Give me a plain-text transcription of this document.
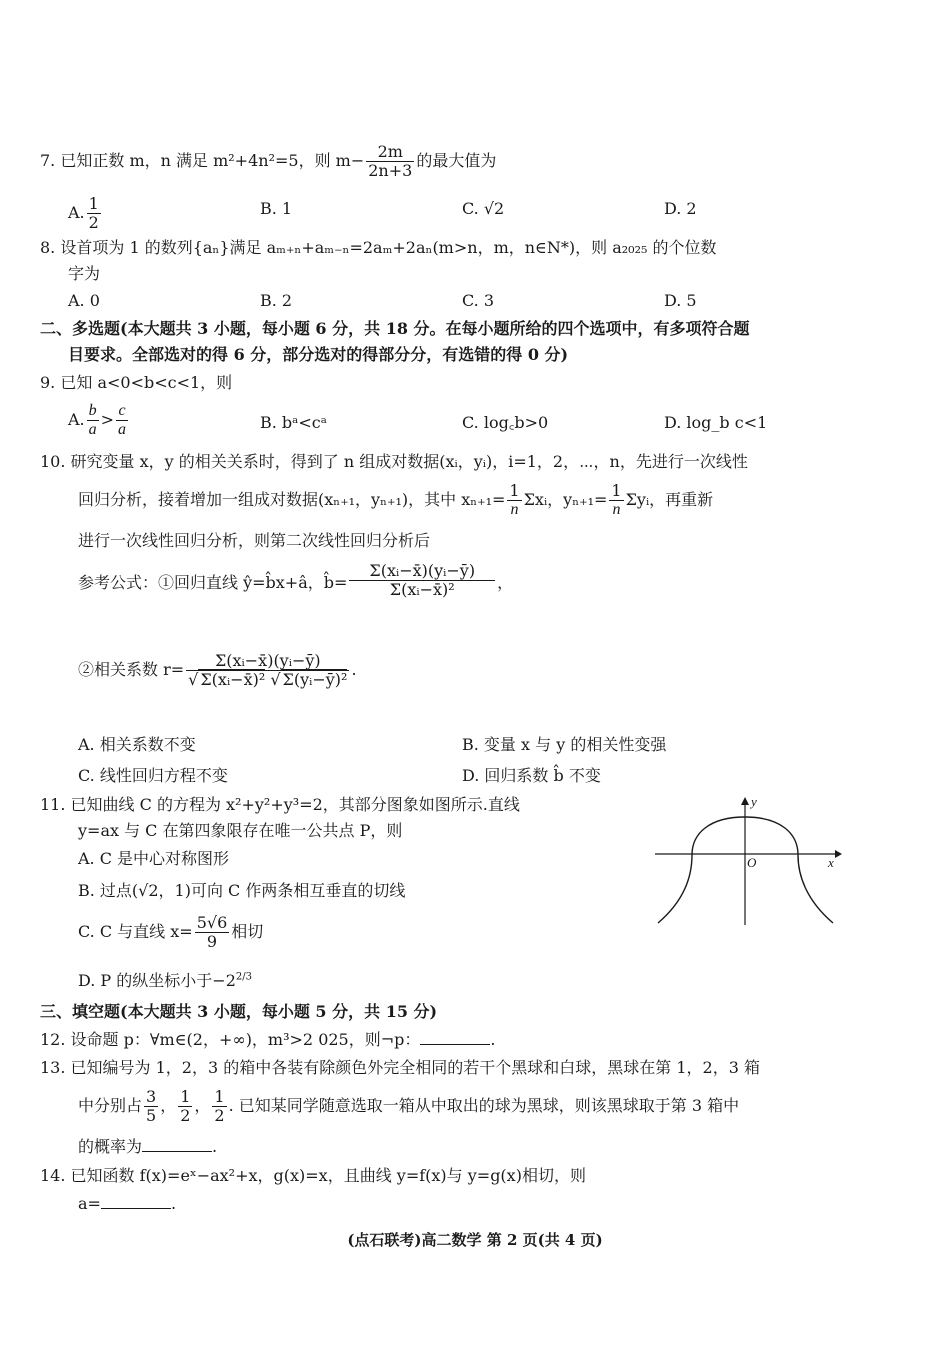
7. 已知正数 m，n 满足 m²+4n²=5，则 $m- \frac{2m}{2n+3}$ 的最大值为
A. $\frac{1}{2}$	B. 1	C. √2	D. 2
8. 设首项为 1 的数列{aₙ}满足 aₘ₊ₙ+aₘ₋ₙ=2aₘ+2aₙ(m>n，m，n∈N*)，则 a₂₀₂₅ 的个位数
字为
A. 0	B. 2	C. 3	D. 5
二、多选题(本大题共 3 小题，每小题 6 分，共 18 分。在每小题所给的四个选项中，有多项符合题
目要求。全部选对的得 6 分，部分选对的得部分分，有选错的得 0 分)
9. 已知 a<0<b<c<1，则
A. $\frac{b}{a} > \frac{c}{a}$	B. bᵃ<cᵃ	C. log꜀b>0	D. log_b c<1
10. 研究变量 x，y 的相关关系时，得到了 n 组成对数据(xᵢ，yᵢ)，i=1，2，⋯，n，先进行一次线性
回归分析，接着增加一组成对数据(xₙ₊₁，yₙ₊₁)，其中 $x_{n+1}= \frac{1}{n}$ Σxᵢ，$y_{n+1}= \frac{1}{n}$ Σyᵢ，再重新
进行一次线性回归分析，则第二次线性回归分析后
参考公式：①回归直线 ŷ=b̂x+â，b̂= $\frac{\text{Σ(xᵢ−x̄)(yᵢ−ȳ)}}{\text{Σ(xᵢ−x̄)²}}$ ，
②相关系数 $r= \frac{\text{Σ(xᵢ−x̄)(yᵢ−ȳ)}}{\text{√ Σ(xᵢ−x̄)² √ Σ(yᵢ−ȳ)²}}$ .
A. 相关系数不变	B. 变量 x 与 y 的相关性变强
C. 线性回归方程不变	D. 回归系数 b̂ 不变
11. 已知曲线 C 的方程为 x²+y²+y³=2，其部分图象如图所示.直线
y=ax 与 C 在第四象限存在唯一公共点 P，则
A. C 是中心对称图形
B. 过点(√2，1)可向 C 作两条相互垂直的切线
C. C 与直线 $x= \frac{5√6}{9}$ 相切
D. P 的纵坐标小于$-2^{2/3}$
y
x
O
三、填空题(本大题共 3 小题，每小题 5 分，共 15 分)
12. 设命题 p：∀m∈(2，+∞)，m³>2 025，则¬p：	.
13. 已知编号为 1，2，3 的箱中各装有除颜色外完全相同的若干个黑球和白球，黑球在第 1，2，3 箱
中分别占 $\frac{3}{5}$ ， $\frac{1}{2}$ ， $\frac{1}{2}$ . 已知某同学随意选取一箱从中取出的球为黑球，则该黑球取于第 3 箱中
的概率为	.
14. 已知函数 f(x)=eˣ−ax²+x，g(x)=x，且曲线 y=f(x)与 y=g(x)相切，则
a=	.
(点石联考)高二数学 第 2 页(共 4 页)
